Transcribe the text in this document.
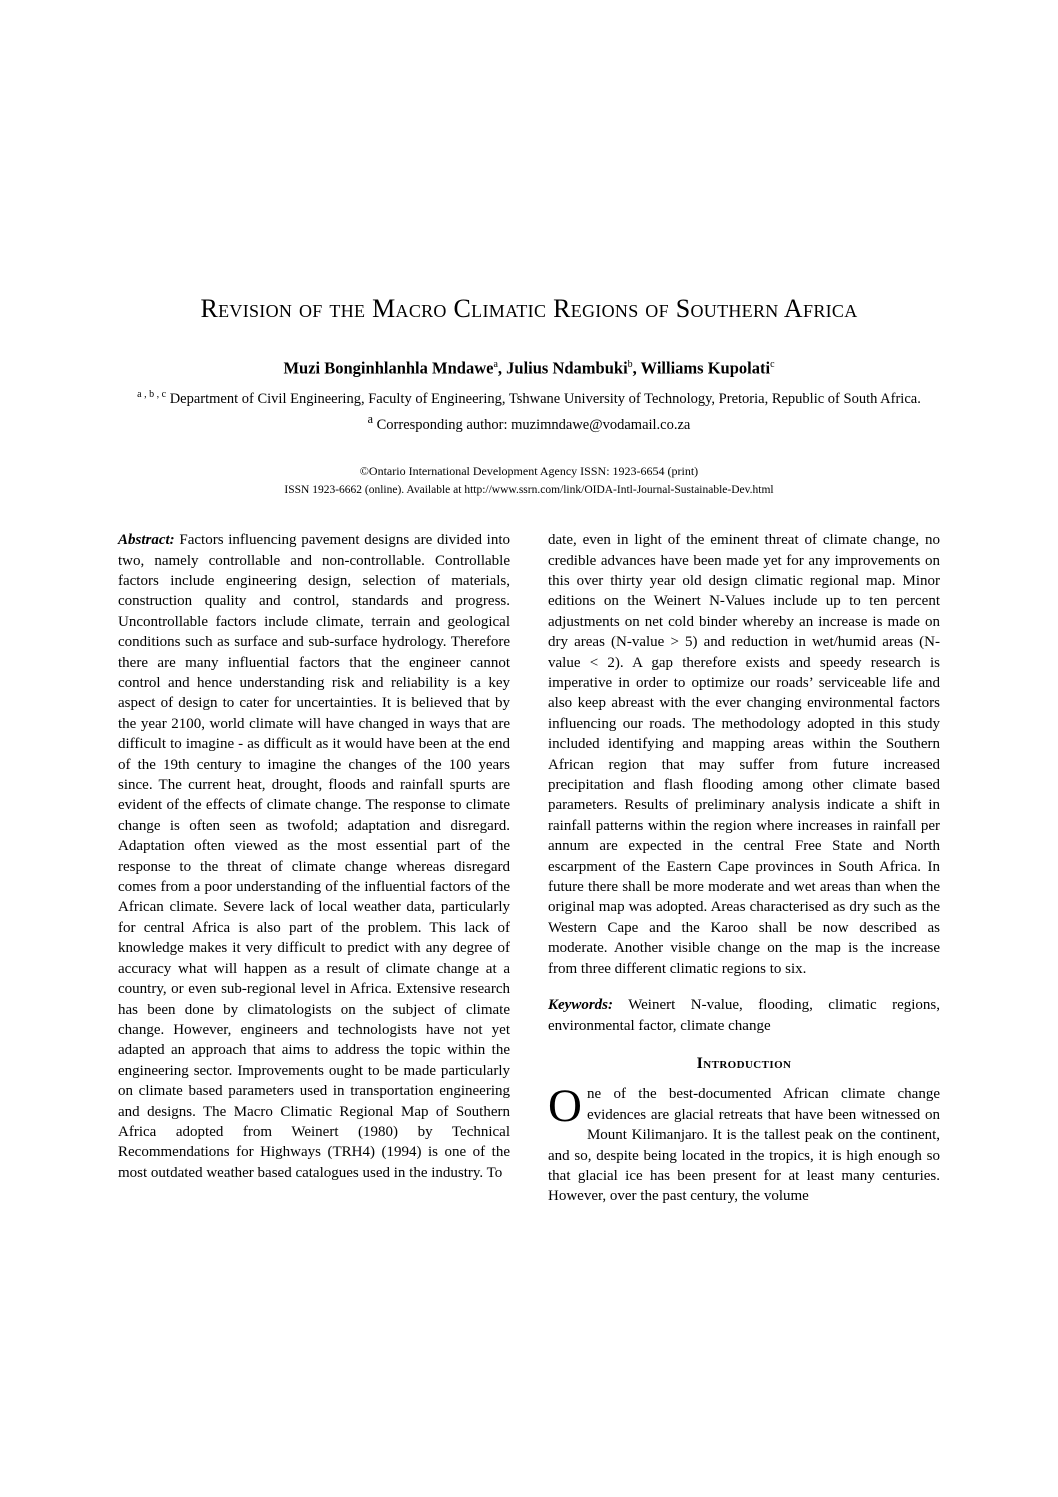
Revision of the Macro Climatic Regions of Southern Africa
Muzi Bonginhlanhla Mndawe$^a$, Julius Ndambuki$^b$, Williams Kupolati$^c$
$^{a , b , c}$ Department of Civil Engineering, Faculty of Engineering, Tshwane University of Technology, Pretoria, Republic of South Africa.
$^a$ Corresponding author: muzimndawe@vodamail.co.za
©Ontario International Development Agency ISSN: 1923-6654 (print)
ISSN 1923-6662 (online). Available at http://www.ssrn.com/link/OIDA-Intl-Journal-Sustainable-Dev.html

Abstract: Factors influencing pavement designs are divided into two, namely controllable and non-controllable. Controllable factors include engineering design, selection of materials, construction quality and control, standards and progress. Uncontrollable factors include climate, terrain and geological conditions such as surface and sub-surface hydrology. Therefore there are many influential factors that the engineer cannot control and hence understanding risk and reliability is a key aspect of design to cater for uncertainties. It is believed that by the year 2100, world climate will have changed in ways that are difficult to imagine - as difficult as it would have been at the end of the 19th century to imagine the changes of the 100 years since. The current heat, drought, floods and rainfall spurts are evident of the effects of climate change. The response to climate change is often seen as twofold; adaptation and disregard. Adaptation often viewed as the most essential part of the response to the threat of climate change whereas disregard comes from a poor understanding of the influential factors of the African climate. Severe lack of local weather data, particularly for central Africa is also part of the problem. This lack of knowledge makes it very difficult to predict with any degree of accuracy what will happen as a result of climate change at a country, or even sub-regional level in Africa. Extensive research has been done by climatologists on the subject of climate change. However, engineers and technologists have not yet adapted an approach that aims to address the topic within the engineering sector. Improvements ought to be made particularly on climate based parameters used in transportation engineering and designs. The Macro Climatic Regional Map of Southern Africa adopted from Weinert (1980) by Technical Recommendations for Highways (TRH4) (1994) is one of the most outdated weather based catalogues used in the industry. To

date, even in light of the eminent threat of climate change, no credible advances have been made yet for any improvements on this over thirty year old design climatic regional map. Minor editions on the Weinert N-Values include up to ten percent adjustments on net cold binder whereby an increase is made on dry areas (N-value > 5) and reduction in wet/humid areas (N-value < 2). A gap therefore exists and speedy research is imperative in order to optimize our roads’ serviceable life and also keep abreast with the ever changing environmental factors influencing our roads. The methodology adopted in this study included identifying and mapping areas within the Southern African region that may suffer from future increased precipitation and flash flooding among other climate based parameters. Results of preliminary analysis indicate a shift in rainfall patterns within the region where increases in rainfall per annum are expected in the central Free State and North escarpment of the Eastern Cape provinces in South Africa. In future there shall be more moderate and wet areas than when the original map was adopted. Areas characterised as dry such as the Western Cape and the Karoo shall be now described as moderate. Another visible change on the map is the increase from three different climatic regions to six.

Keywords: Weinert N-value, flooding, climatic regions, environmental factor, climate change

Introduction

One of the best-documented African climate change evidences are glacial retreats that have been witnessed on Mount Kilimanjaro. It is the tallest peak on the continent, and so, despite being located in the tropics, it is high enough so that glacial ice has been present for at least many centuries. However, over the past century, the volume
